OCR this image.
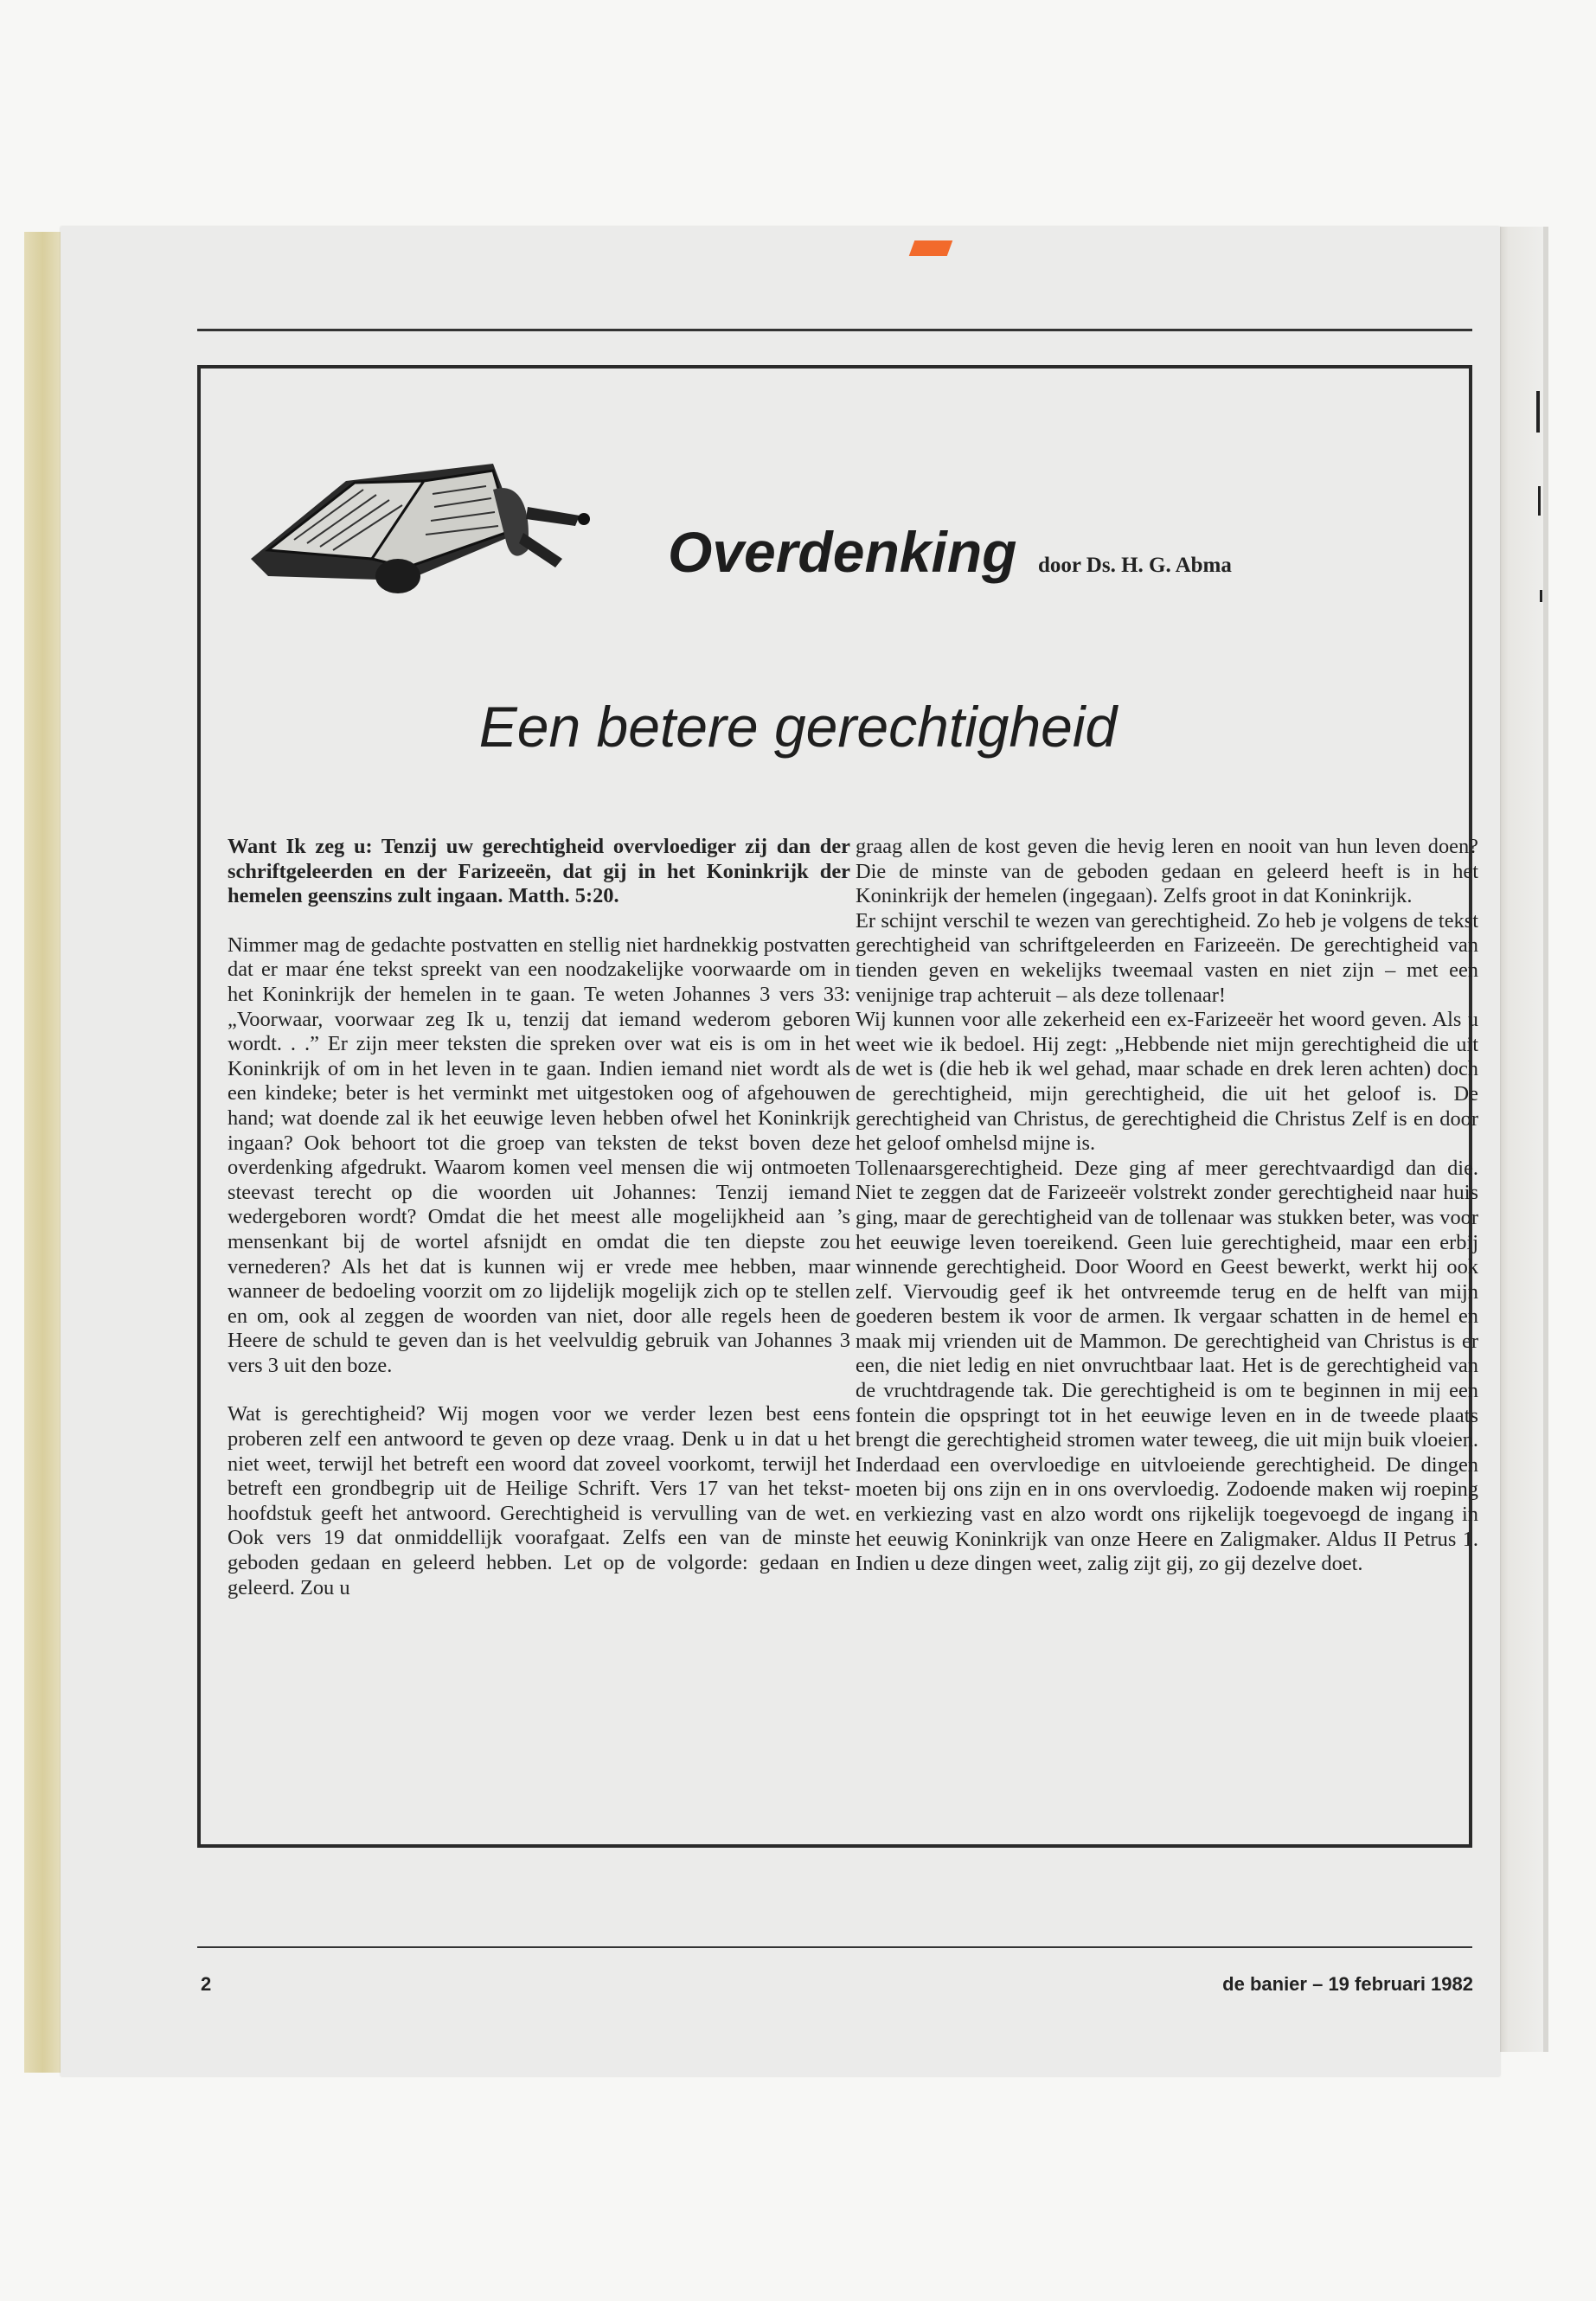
Overdenking door Ds. H. G. Abma
Een betere gerechtigheid

Want Ik zeg u: Tenzij uw gerechtigheid overvloediger zij dan der schriftgeleerden en der Farizeeën, dat gij in het Koninkrijk der hemelen geenszins zult ingaan. Matth. 5:20.

Nimmer mag de gedachte postvatten en stellig niet hardnekkig postvatten dat er maar éne tekst spreekt van een noodzakelijke voorwaarde om in het Koninkrijk der hemelen in te gaan. Te weten Johannes 3 vers 33: „Voorwaar, voorwaar zeg Ik u, tenzij dat iemand wederom geboren wordt. . .” Er zijn meer teksten die spreken over wat eis is om in het Koninkrijk of om in het leven in te gaan. Indien iemand niet wordt als een kindeke; beter is het verminkt met uitgestoken oog of afgehouwen hand; wat doende zal ik het eeuwige leven hebben ofwel het Koninkrijk ingaan? Ook behoort tot die groep van teksten de tekst boven deze overdenking afgedrukt. Waarom komen veel mensen die wij ontmoeten steevast terecht op die woorden uit Johannes: Tenzij iemand wedergeboren wordt? Omdat die het meest alle mogelijkheid aan ’s mensenkant bij de wortel afsnijdt en omdat die ten diepste zou vernederen? Als het dat is kunnen wij er vrede mee hebben, maar wanneer de bedoeling voorzit om zo lijdelijk mogelijk zich op te stellen en om, ook al zeggen de woorden van niet, door alle regels heen de Heere de schuld te geven dan is het veelvuldig gebruik van Johannes 3 vers 3 uit den boze.

Wat is gerechtigheid? Wij mogen voor we verder lezen best eens proberen zelf een antwoord te geven op deze vraag. Denk u in dat u het niet weet, terwijl het betreft een woord dat zoveel voorkomt, terwijl het betreft een grondbegrip uit de Heilige Schrift. Vers 17 van het tekst-hoofdstuk geeft het antwoord. Gerechtigheid is vervulling van de wet. Ook vers 19 dat onmiddellijk voorafgaat. Zelfs een van de minste geboden gedaan en geleerd hebben. Let op de volgorde: gedaan en geleerd. Zou u

graag allen de kost geven die hevig leren en nooit van hun leven doen? Die de minste van de geboden gedaan en geleerd heeft is in het Koninkrijk der hemelen (ingegaan). Zelfs groot in dat Koninkrijk.

Er schijnt verschil te wezen van gerechtigheid. Zo heb je volgens de tekst gerechtigheid van schriftgeleerden en Farizeeën. De gerechtigheid van tienden geven en wekelijks tweemaal vasten en niet zijn – met een venijnige trap achteruit – als deze tollenaar!

Wij kunnen voor alle zekerheid een ex-Farizeeër het woord geven. Als u weet wie ik bedoel. Hij zegt: „Hebbende niet mijn gerechtigheid die uit de wet is (die heb ik wel gehad, maar schade en drek leren achten) doch de gerechtigheid, mijn gerechtigheid, die uit het geloof is. De gerechtigheid van Christus, de gerechtigheid die Christus Zelf is en door het geloof omhelsd mijne is.

Tollenaarsgerechtigheid. Deze ging af meer gerechtvaardigd dan die. Niet te zeggen dat de Farizeeër volstrekt zonder gerechtigheid naar huis ging, maar de gerechtigheid van de tollenaar was stukken beter, was voor het eeuwige leven toereikend. Geen luie gerechtigheid, maar een erbij winnende gerechtigheid. Door Woord en Geest bewerkt, werkt hij ook zelf. Viervoudig geef ik het ontvreemde terug en de helft van mijn goederen bestem ik voor de armen. Ik vergaar schatten in de hemel en maak mij vrienden uit de Mammon. De gerechtigheid van Christus is er een, die niet ledig en niet onvruchtbaar laat. Het is de gerechtigheid van de vruchtdragende tak. Die gerechtigheid is om te beginnen in mij een fontein die opspringt tot in het eeuwige leven en in de tweede plaats brengt die gerechtigheid stromen water teweeg, die uit mijn buik vloeien. Inderdaad een overvloedige en uitvloeiende gerechtigheid. De dingen moeten bij ons zijn en in ons overvloedig. Zodoende maken wij roeping en verkiezing vast en alzo wordt ons rijkelijk toegevoegd de ingang in het eeuwig Koninkrijk van onze Heere en Zaligmaker. Aldus II Petrus 1. Indien u deze dingen weet, zalig zijt gij, zo gij dezelve doet.

2	de banier – 19 februari 1982
